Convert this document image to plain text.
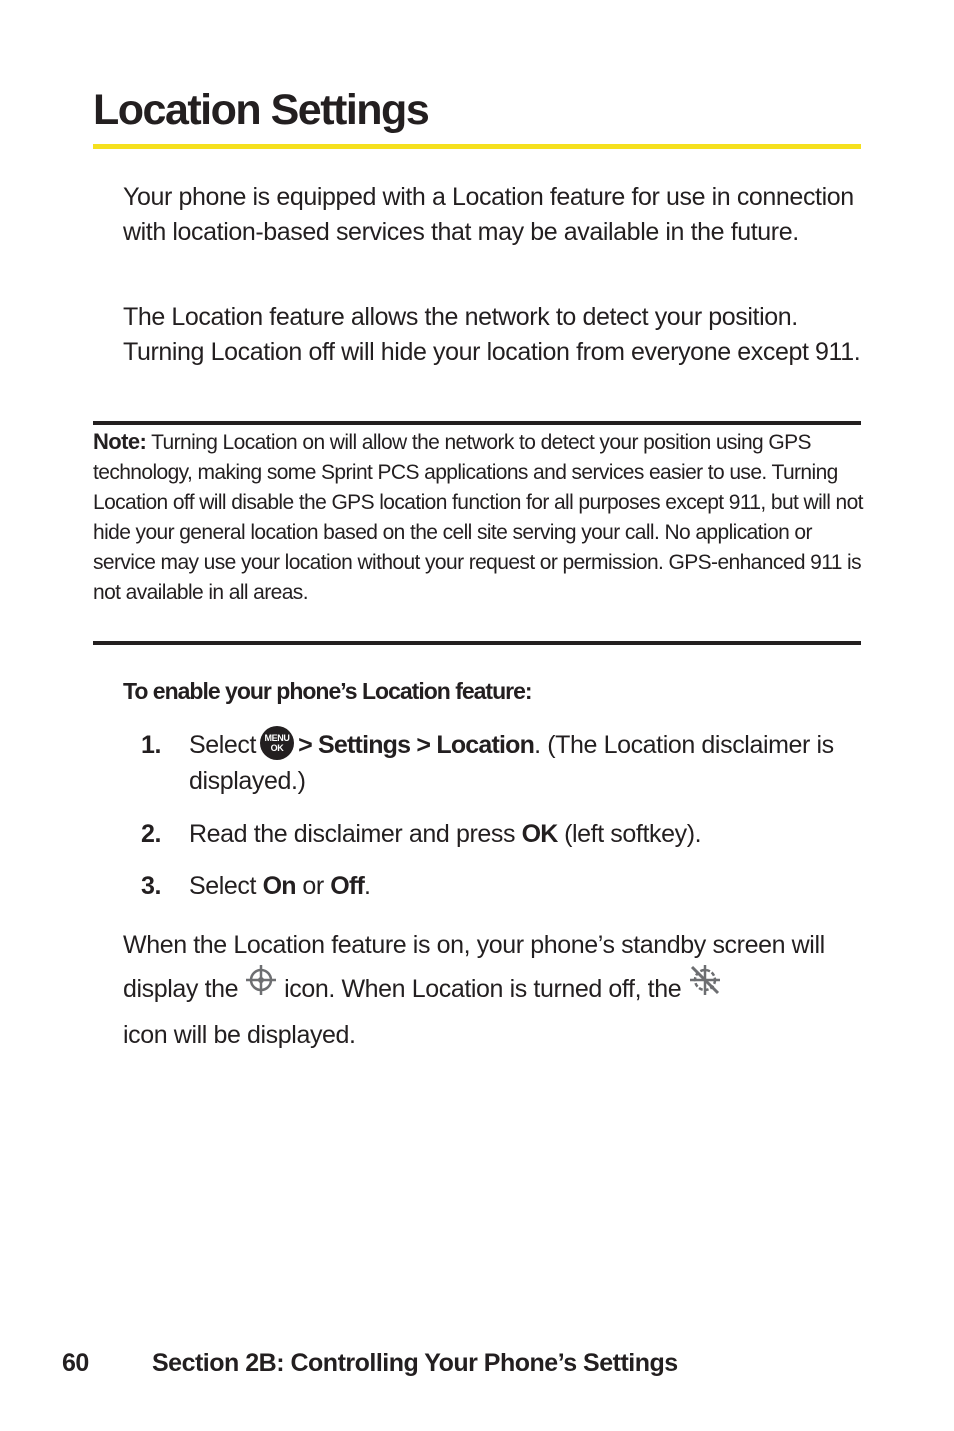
Location Settings

Your phone is equipped with a Location feature for use in connection with location-based services that may be available in the future.

The Location feature allows the network to detect your position. Turning Location off will hide your location from everyone except 911.

Note: Turning Location on will allow the network to detect your position using GPS technology, making some Sprint PCS applications and services easier to use. Turning Location off will disable the GPS location function for all purposes except 911, but will not hide your general location based on the cell site serving your call. No application or service may use your location without your request or permission. GPS-enhanced 911 is not available in all areas.

To enable your phone’s Location feature:
1. Select MENU
OK > Settings > Location. (The Location disclaimer is displayed.)
2. Read the disclaimer and press OK (left softkey).
3. Select On or Off.

When the Location feature is on, your phone’s standby screen will display the icon. When Location is turned off, the
icon will be displayed.

60	Section 2B: Controlling Your Phone’s Settings
